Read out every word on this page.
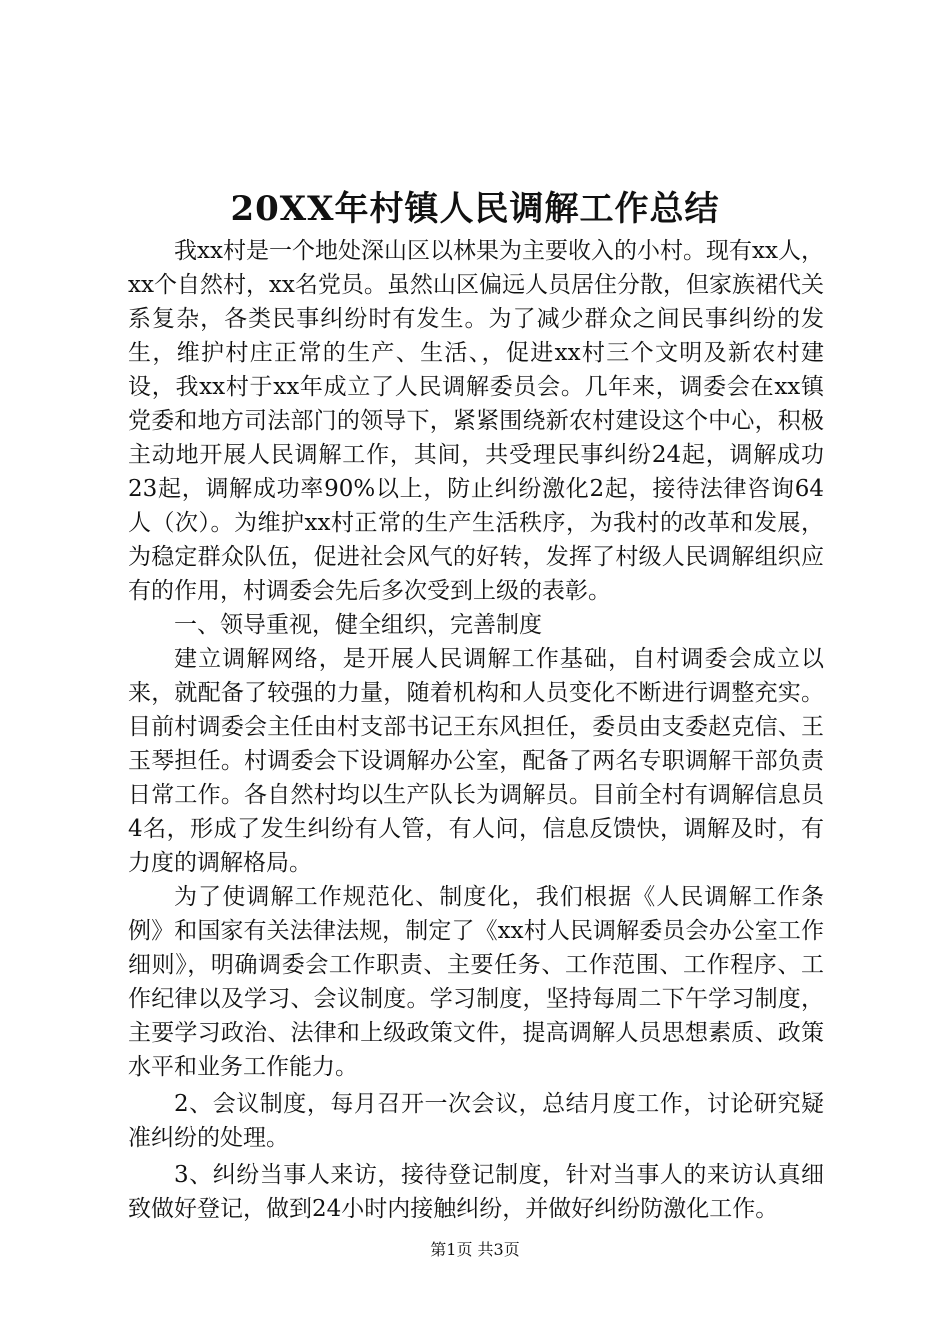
20XX年村镇人民调解工作总结

我xx村是一个地处深山区以林果为主要收入的小村。现有xx人，xx个自然村，xx名党员。虽然山区偏远人员居住分散，但家族裙代关系复杂，各类民事纠纷时有发生。为了减少群众之间民事纠纷的发生，维护村庄正常的生产、生活、，促进xx村三个文明及新农村建设，我xx村于xx年成立了人民调解委员会。几年来，调委会在xx镇党委和地方司法部门的领导下，紧紧围绕新农村建设这个中心，积极主动地开展人民调解工作，其间，共受理民事纠纷24起，调解成功23起，调解成功率90%以上，防止纠纷激化2起，接待法律咨询64人（次）。为维护xx村正常的生产生活秩序，为我村的改革和发展，为稳定群众队伍，促进社会风气的好转，发挥了村级人民调解组织应有的作用，村调委会先后多次受到上级的表彰。

一、领导重视，健全组织，完善制度

建立调解网络，是开展人民调解工作基础，自村调委会成立以来，就配备了较强的力量，随着机构和人员变化不断进行调整充实。目前村调委会主任由村支部书记王东风担任，委员由支委赵克信、王玉琴担任。村调委会下设调解办公室，配备了两名专职调解干部负责日常工作。各自然村均以生产队长为调解员。目前全村有调解信息员4名，形成了发生纠纷有人管，有人问，信息反馈快，调解及时，有力度的调解格局。

为了使调解工作规范化、制度化，我们根据《人民调解工作条例》和国家有关法律法规，制定了《xx村人民调解委员会办公室工作细则》，明确调委会工作职责、主要任务、工作范围、工作程序、工作纪律以及学习、会议制度。学习制度，坚持每周二下午学习制度，主要学习政治、法律和上级政策文件，提高调解人员思想素质、政策水平和业务工作能力。

2、会议制度，每月召开一次会议，总结月度工作，讨论研究疑准纠纷的处理。

3、纠纷当事人来访，接待登记制度，针对当事人的来访认真细致做好登记，做到24小时内接触纠纷，并做好纠纷防激化工作。

第1页 共3页
